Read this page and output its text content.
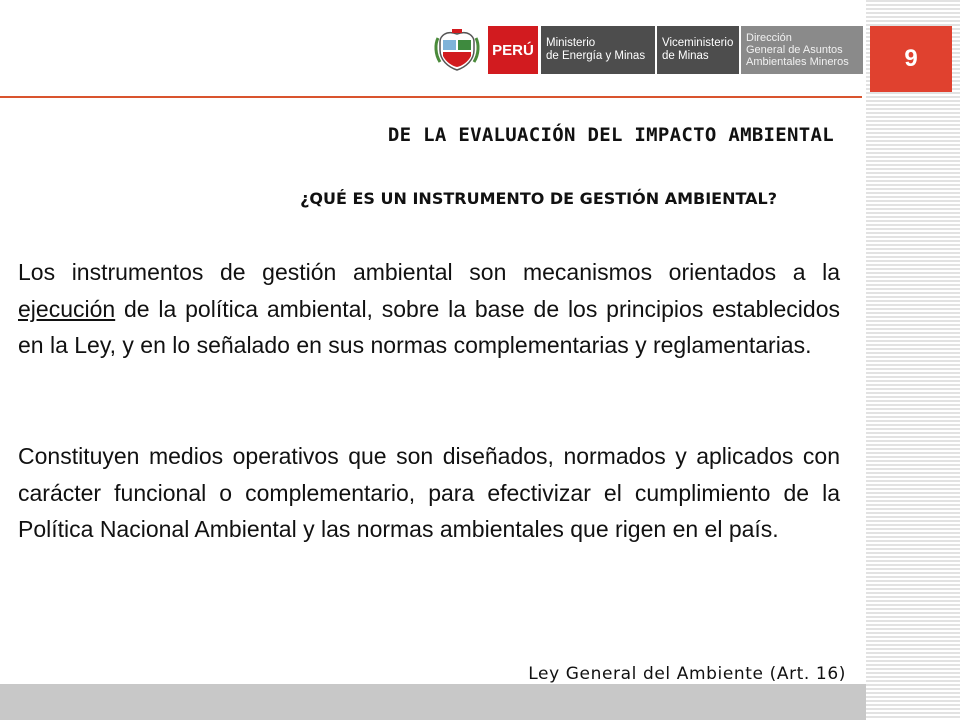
9
PERÚ	Ministerio
de Energía y Minas
Viceministerio
de Minas
Dirección
General de Asuntos
Ambientales Mineros
DE LA EVALUACIÓN DEL IMPACTO AMBIENTAL
¿QUÉ ES UN INSTRUMENTO DE GESTIÓN AMBIENTAL?

Los instrumentos de gestión ambiental son mecanismos orientados a la ejecución de la política ambiental, sobre la base de los principios establecidos en la Ley, y en lo señalado en sus normas complementarias y reglamentarias.

Constituyen medios operativos que son diseñados, normados y aplicados con carácter funcional o complementario, para efectivizar el cumplimiento de la Política Nacional Ambiental y las normas ambientales que rigen en el país.

Ley General del Ambiente (Art. 16)
